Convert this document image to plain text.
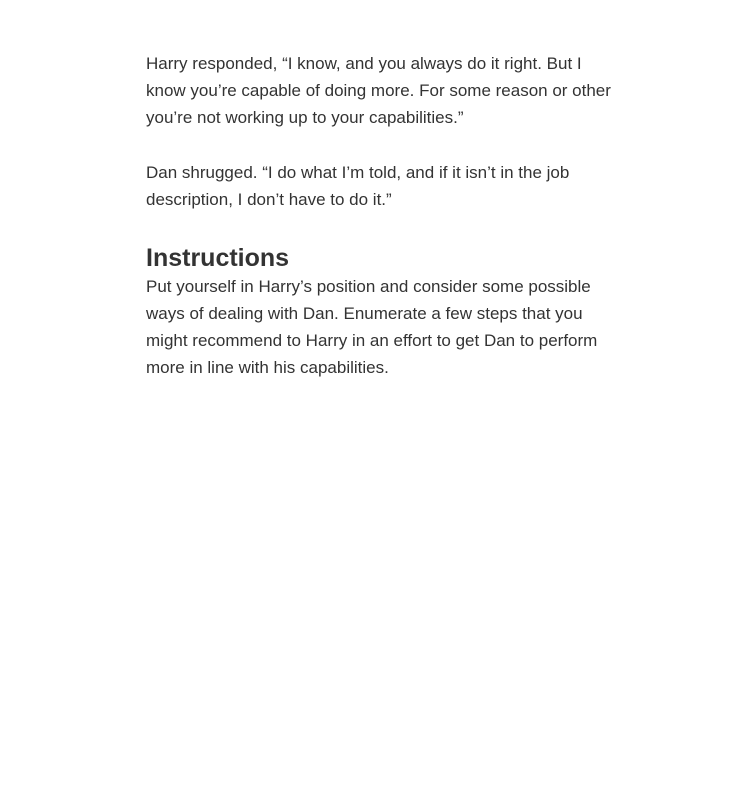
Harry responded, “I know, and you always do it right. But I know you’re capable of doing more. For some reason or other you’re not working up to your capabilities.”

Dan shrugged. “I do what I’m told, and if it isn’t in the job description, I don’t have to do it.”

Instructions

Put yourself in Harry’s position and consider some possible ways of dealing with Dan. Enumerate a few steps that you might recommend to Harry in an effort to get Dan to perform more in line with his capabilities.
